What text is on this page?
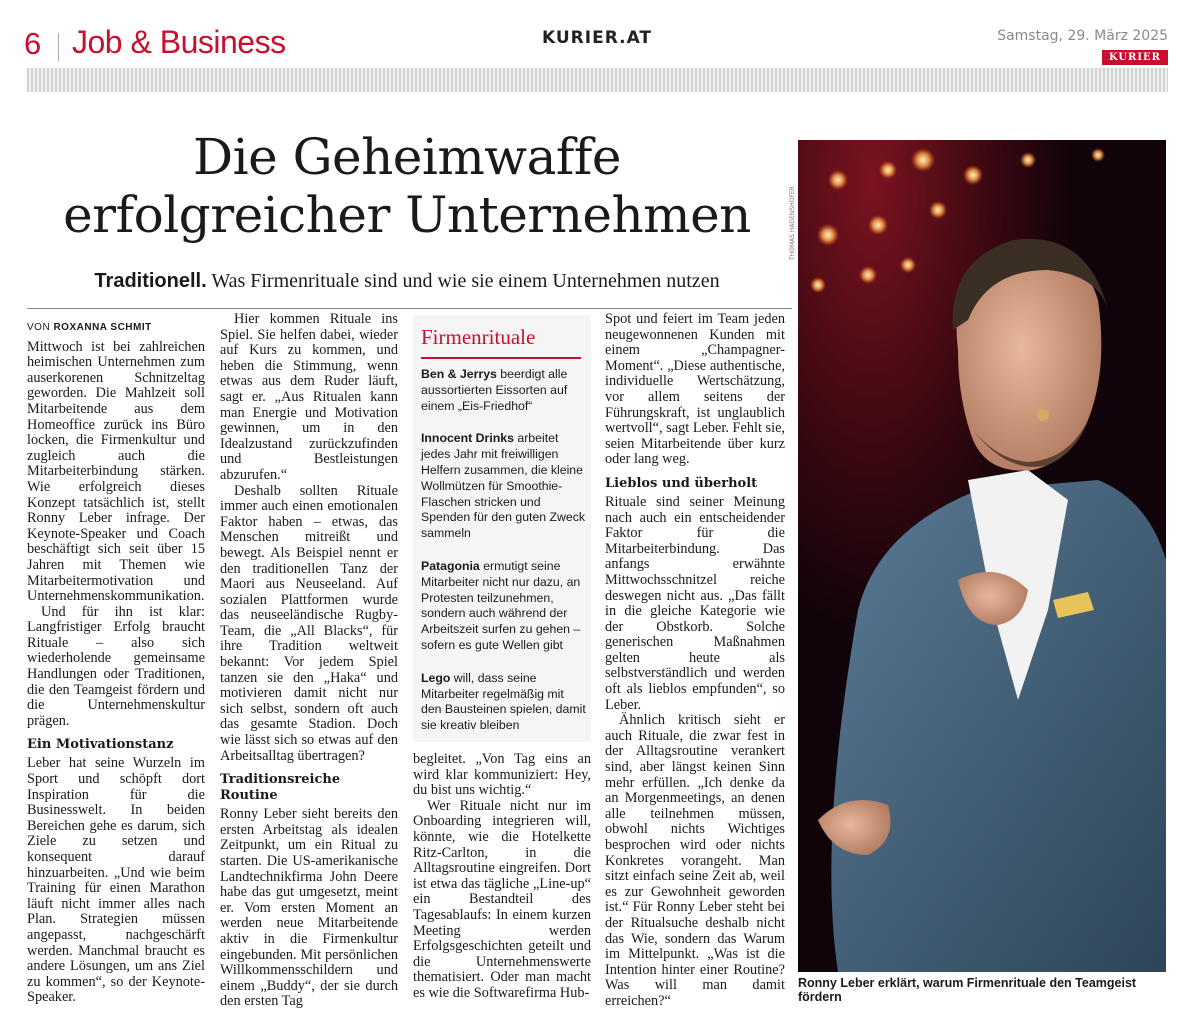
6 Job & Business	KURIER.AT	Samstag, 29. März 2025
KURIER
Die Geheimwaffe
erfolgreicher Unternehmen
Traditionell. Was Firmenrituale sind und wie sie einem Unternehmen nutzen
VON ROXANNA SCHMIT

Mittwoch ist bei zahlreichen heimischen Unternehmen zum auserkorenen Schnitzeltag geworden. Die Mahlzeit soll Mitarbeitende aus dem Homeoffice zurück ins Büro locken, die Firmenkultur und zugleich auch die Mitarbeiterbindung stärken. Wie erfolgreich dieses Konzept tatsächlich ist, stellt Ronny Leber infrage. Der Keynote-Speaker und Coach beschäftigt sich seit über 15 Jahren mit Themen wie Mitarbeitermotivation und Unternehmenskommunikation.

Und für ihn ist klar: Langfristiger Erfolg braucht Rituale – also sich wiederholende gemeinsame Handlungen oder Traditionen, die den Teamgeist fördern und die Unternehmenskultur prägen.

Ein Motivationstanz

Leber hat seine Wurzeln im Sport und schöpft dort Inspiration für die Businesswelt. In beiden Bereichen gehe es darum, sich Ziele zu setzen und konsequent darauf hinzuarbeiten. „Und wie beim Training für einen Marathon läuft nicht immer alles nach Plan. Strategien müssen angepasst, nachgeschärft werden. Manchmal braucht es andere Lösungen, um ans Ziel zu kommen“, so der Keynote-Speaker.

Hier kommen Rituale ins Spiel. Sie helfen dabei, wieder auf Kurs zu kommen, und heben die Stimmung, wenn etwas aus dem Ruder läuft, sagt er. „Aus Ritualen kann man Energie und Motivation gewinnen, um in den Idealzustand zurückzufinden und Bestleistungen abzurufen.“

Deshalb sollten Rituale immer auch einen emotionalen Faktor haben – etwas, das Menschen mitreißt und bewegt. Als Beispiel nennt er den traditionellen Tanz der Maori aus Neuseeland. Auf sozialen Plattformen wurde das neuseeländische Rugby-Team, die „All Blacks“, für ihre Tradition weltweit bekannt: Vor jedem Spiel tanzen sie den „Haka“ und motivieren damit nicht nur sich selbst, sondern oft auch das gesamte Stadion. Doch wie lässt sich so etwas auf den Arbeitsalltag übertragen?

Traditionsreiche Routine

Ronny Leber sieht bereits den ersten Arbeitstag als idealen Zeitpunkt, um ein Ritual zu starten. Die US-amerikanische Landtechnikfirma John Deere habe das gut umgesetzt, meint er. Vom ersten Moment an werden neue Mitarbeitende aktiv in die Firmenkultur eingebunden. Mit persönlichen Willkommensschildern und einem „Buddy“, der sie durch den ersten Tag

Firmenrituale
Ben & Jerrys beerdigt alle aussortierten Eissorten auf einem „Eis-Friedhof“
Innocent Drinks arbeitet jedes Jahr mit freiwilligen Helfern zusammen, die kleine Wollmützen für Smoothie-Flaschen stricken und Spenden für den guten Zweck sammeln
Patagonia ermutigt seine Mitarbeiter nicht nur dazu, an Protesten teilzunehmen, sondern auch während der Arbeitszeit surfen zu gehen – sofern es gute Wellen gibt
Lego will, dass seine Mitarbeiter regelmäßig mit den Bausteinen spielen, damit sie kreativ bleiben

begleitet. „Von Tag eins an wird klar kommuniziert: Hey, du bist uns wichtig.“

Wer Rituale nicht nur im Onboarding integrieren will, könnte, wie die Hotelkette Ritz-Carlton, in die Alltagsroutine eingreifen. Dort ist etwa das tägliche „Line-up“ ein Bestandteil des Tagesablaufs: In einem kurzen Meeting werden Erfolgsgeschichten geteilt und die Unternehmenswerte thematisiert. Oder man macht es wie die Softwarefirma Hub-

Spot und feiert im Team jeden neugewonnenen Kunden mit einem „Champagner-Moment“. „Diese authentische, individuelle Wertschätzung, vor allem seitens der Führungskraft, ist unglaublich wertvoll“, sagt Leber. Fehlt sie, seien Mitarbeitende über kurz oder lang weg.

Lieblos und überholt

Rituale sind seiner Meinung nach auch ein entscheidender Faktor für die Mitarbeiterbindung. Das anfangs erwähnte Mittwochsschnitzel reiche deswegen nicht aus. „Das fällt in die gleiche Kategorie wie der Obstkorb. Solche generischen Maßnahmen gelten heute als selbstverständlich und werden oft als lieblos empfunden“, so Leber.

Ähnlich kritisch sieht er auch Rituale, die zwar fest in der Alltagsroutine verankert sind, aber längst keinen Sinn mehr erfüllen. „Ich denke da an Morgenmeetings, an denen alle teilnehmen müssen, obwohl nichts Wichtiges besprochen wird oder nichts Konkretes vorangeht. Man sitzt einfach seine Zeit ab, weil es zur Gewohnheit geworden ist.“ Für Ronny Leber steht bei der Ritualsuche deshalb nicht das Wie, sondern das Warum im Mittelpunkt. „Was ist die Intention hinter einer Routine? Was will man damit erreichen?“

THOMAS HAGENSHÖFER
Ronny Leber erklärt, warum Firmenrituale den Teamgeist fördern
